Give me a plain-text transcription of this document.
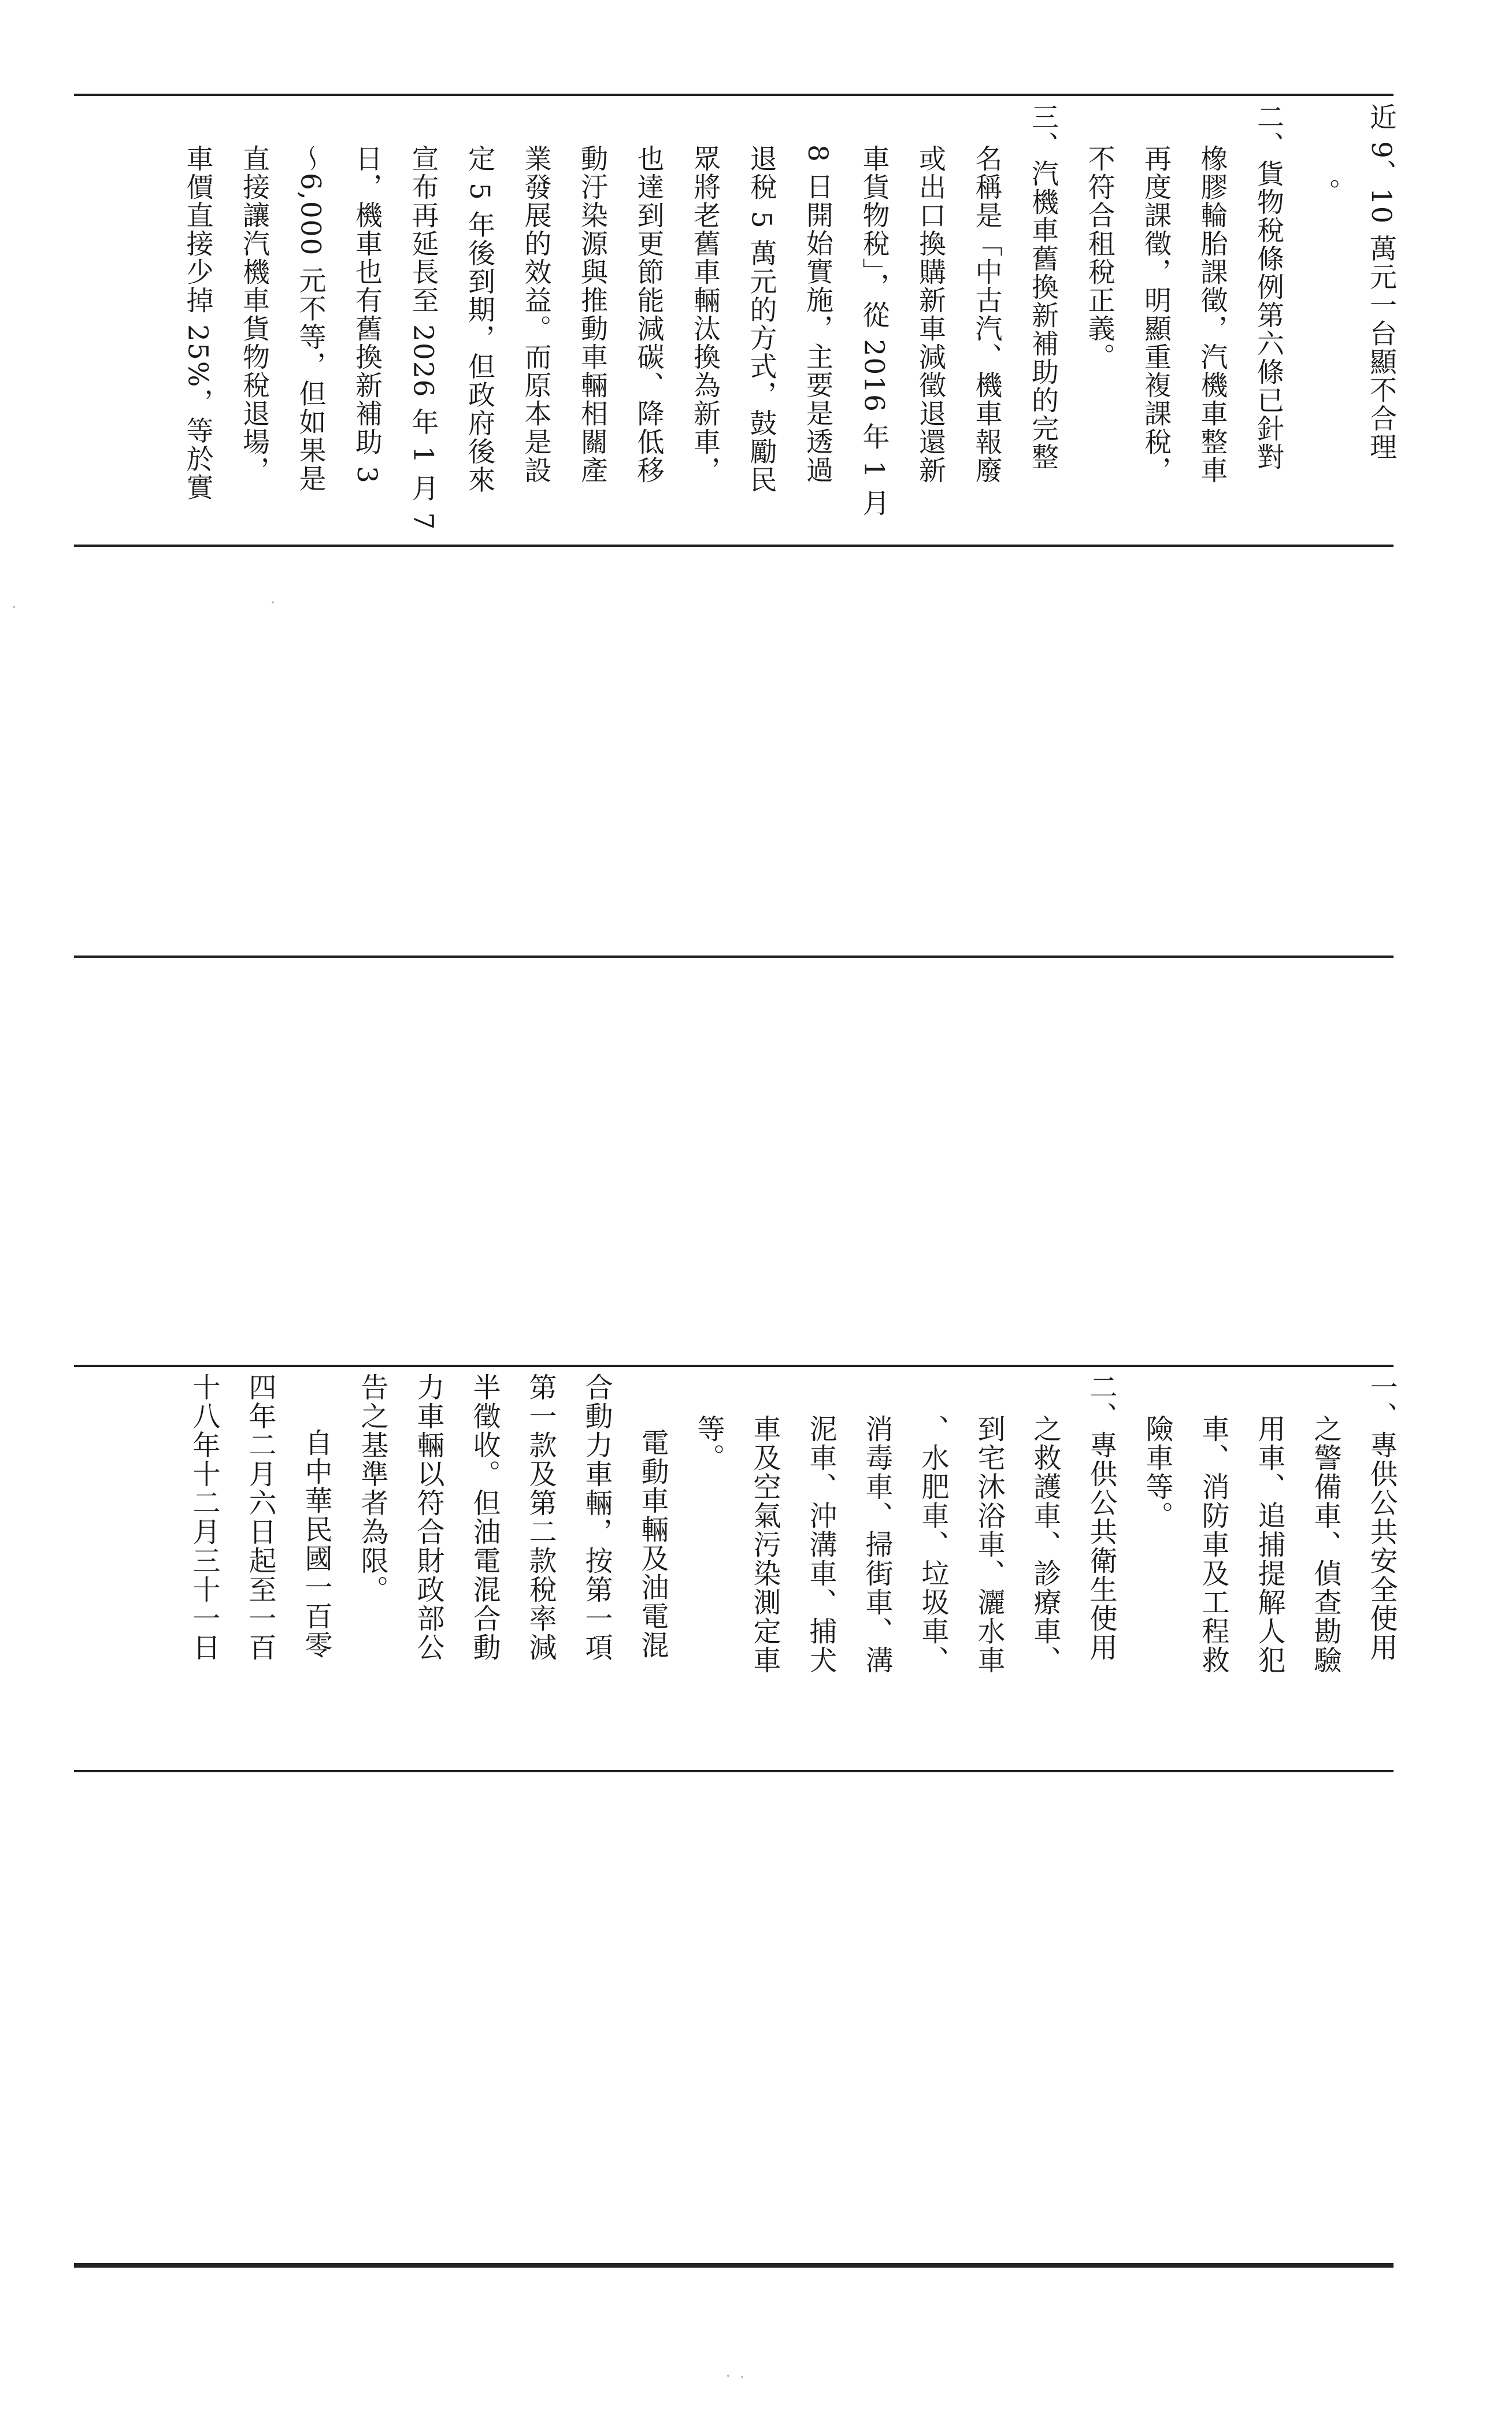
近 9、10 萬元一台顯不合理
。
二、貨物稅條例第六條已針對
橡膠輪胎課徵，汽機車整車
再度課徵，明顯重複課稅，
不符合租稅正義。
三、汽機車舊換新補助的完整
名稱是「中古汽、機車報廢
或出口換購新車減徵退還新
車貨物稅」，從 2016 年 1 月
8 日開始實施，主要是透過
退稅 5 萬元的方式，鼓勵民
眾將老舊車輛汰換為新車，
也達到更節能減碳、降低移
動汙染源與推動車輛相關產
業發展的效益。而原本是設
定 5 年後到期，但政府後來
宣布再延長至 2026 年 1 月 7
日，機車也有舊換新補助 3
～6,000 元不等，但如果是
直接讓汽機車貨物稅退場，
車價直接少掉 25%，等於實
一、專供公共安全使用
之警備車、偵查勘驗
用車、追捕提解人犯
車、消防車及工程救
險車等。
二、專供公共衛生使用
之救護車、診療車、
到宅沐浴車、灑水車
、水肥車、垃圾車、
消毒車、掃街車、溝
泥車、沖溝車、捕犬
車及空氣污染測定車
等。
電動車輛及油電混
合動力車輛，按第一項
第一款及第二款稅率減
半徵收。但油電混合動
力車輛以符合財政部公
告之基準者為限。
自中華民國一百零
四年二月六日起至一百
十八年十二月三十一日
